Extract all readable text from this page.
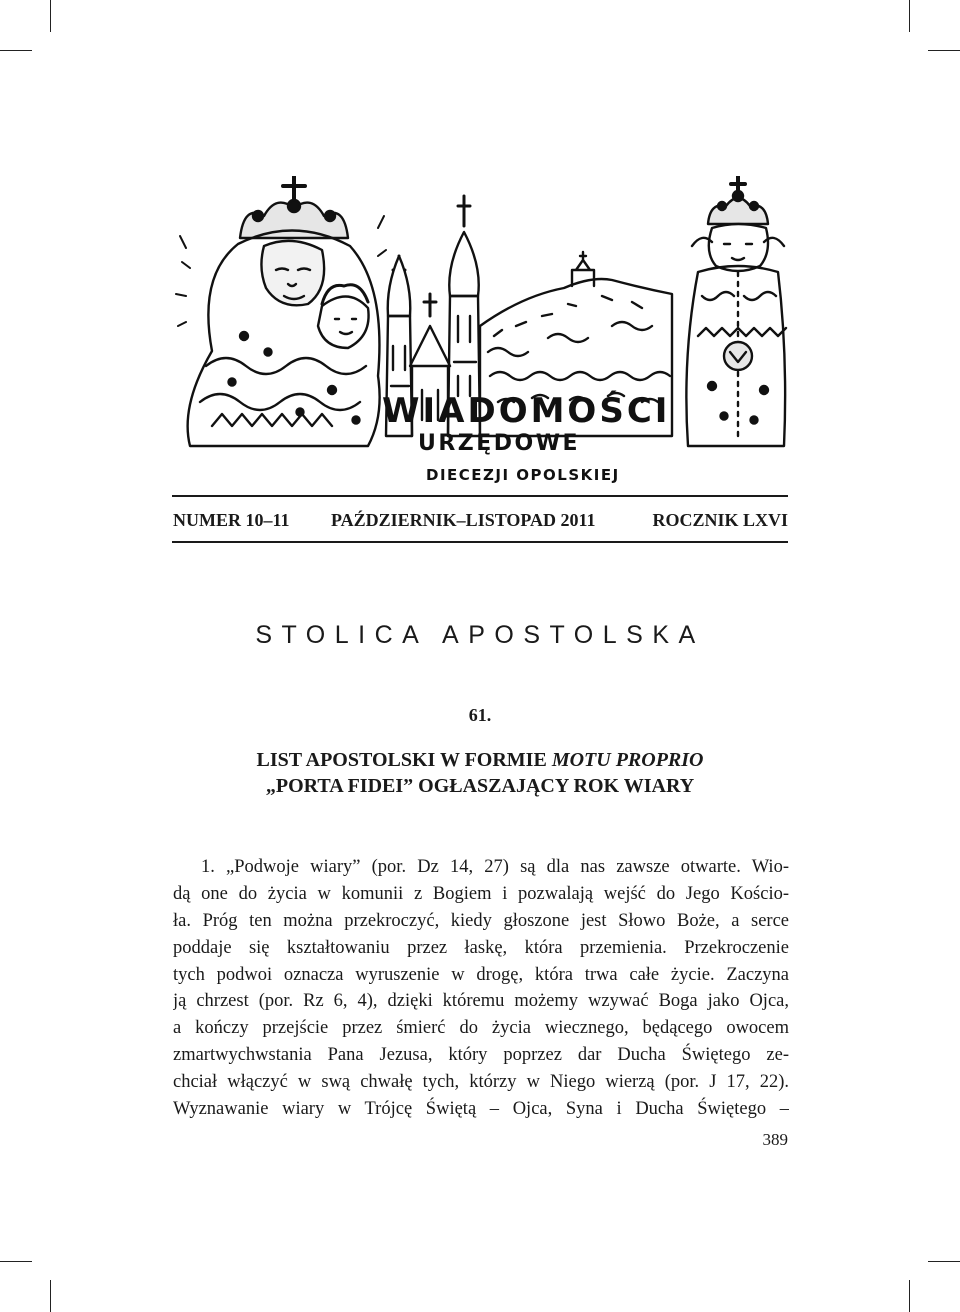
WIADOMOŚCI
URZĘDOWE
DIECEZJI OPOLSKIEJ
NUMER 10–11 PAŹDZIERNIK–LISTOPAD 2011	ROCZNIK LXVI
STOLICA APOSTOLSKA
61.
LIST APOSTOLSKI W FORMIE MOTU PROPRIO
„PORTA FIDEI” OGŁASZAJĄCY ROK WIARY
1. „Podwoje wiary” (por. Dz 14, 27) są dla nas zawsze otwarte. Wio-
dą one do życia w komunii z Bogiem i pozwalają wejść do Jego Kościo-
ła. Próg ten można przekroczyć, kiedy głoszone jest Słowo Boże, a serce
poddaje się kształtowaniu przez łaskę, która przemienia. Przekroczenie
tych podwoi oznacza wyruszenie w drogę, która trwa całe życie. Zaczyna
ją chrzest (por. Rz 6, 4), dzięki któremu możemy wzywać Boga jako Ojca,
a kończy przejście przez śmierć do życia wiecznego, będącego owocem
zmartwychwstania Pana Jezusa, który poprzez dar Ducha Świętego ze-
chciał włączyć w swą chwałę tych, którzy w Niego wierzą (por. J 17, 22).
Wyznawanie wiary w Trójcę Świętą – Ojca, Syna i Ducha Świętego –
389
